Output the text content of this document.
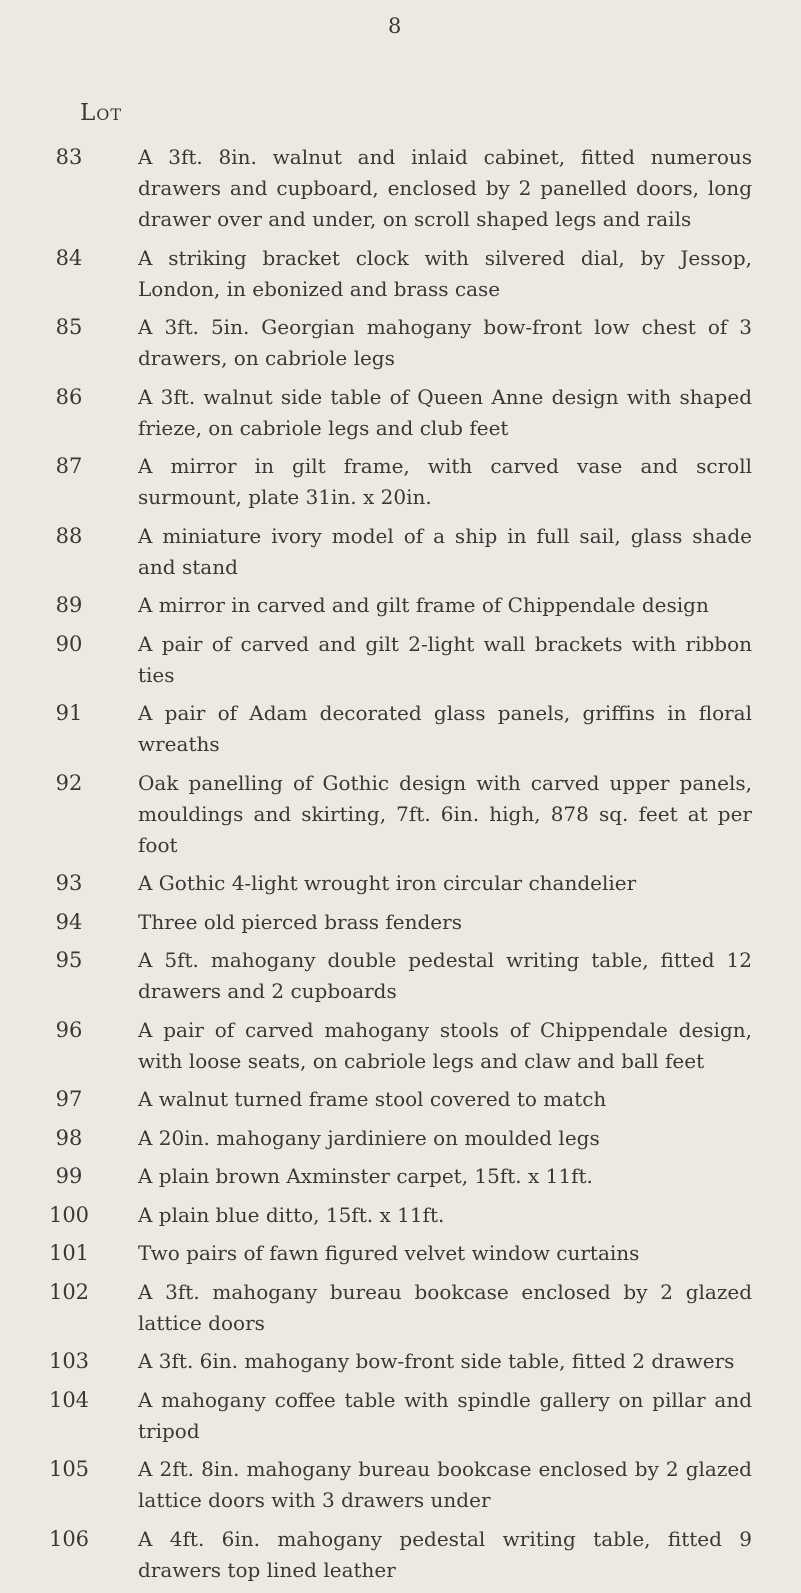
8
Lot
83	A 3ft. 8in. walnut and inlaid cabinet, fitted numerous drawers and cupboard, enclosed by 2 panelled doors, long drawer over and under, on scroll shaped legs and rails
84	A striking bracket clock with silvered dial, by Jessop, London, in ebonized and brass case
85	A 3ft. 5in. Georgian mahogany bow-front low chest of 3 drawers, on cabriole legs
86	A 3ft. walnut side table of Queen Anne design with shaped frieze, on cabriole legs and club feet
87	A mirror in gilt frame, with carved vase and scroll surmount, plate 31in. x 20in.
88	A miniature ivory model of a ship in full sail, glass shade and stand
89	A mirror in carved and gilt frame of Chippendale design
90	A pair of carved and gilt 2-light wall brackets with ribbon ties
91	A pair of Adam decorated glass panels, griffins in floral wreaths
92	Oak panelling of Gothic design with carved upper panels, mouldings and skirting, 7ft. 6in. high, 878 sq. feet at per foot
93	A Gothic 4-light wrought iron circular chandelier
94	Three old pierced brass fenders
95	A 5ft. mahogany double pedestal writing table, fitted 12 drawers and 2 cupboards
96	A pair of carved mahogany stools of Chippendale design, with loose seats, on cabriole legs and claw and ball feet
97	A walnut turned frame stool covered to match
98	A 20in. mahogany jardiniere on moulded legs
99	A plain brown Axminster carpet, 15ft. x 11ft.
100	A plain blue ditto, 15ft. x 11ft.
101	Two pairs of fawn figured velvet window curtains
102	A 3ft. mahogany bureau bookcase enclosed by 2 glazed lattice doors
103	A 3ft. 6in. mahogany bow-front side table, fitted 2 drawers
104	A mahogany coffee table with spindle gallery on pillar and tripod
105	A 2ft. 8in. mahogany bureau bookcase enclosed by 2 glazed lattice doors with 3 drawers under
106	A 4ft. 6in. mahogany pedestal writing table, fitted 9 drawers top lined leather
